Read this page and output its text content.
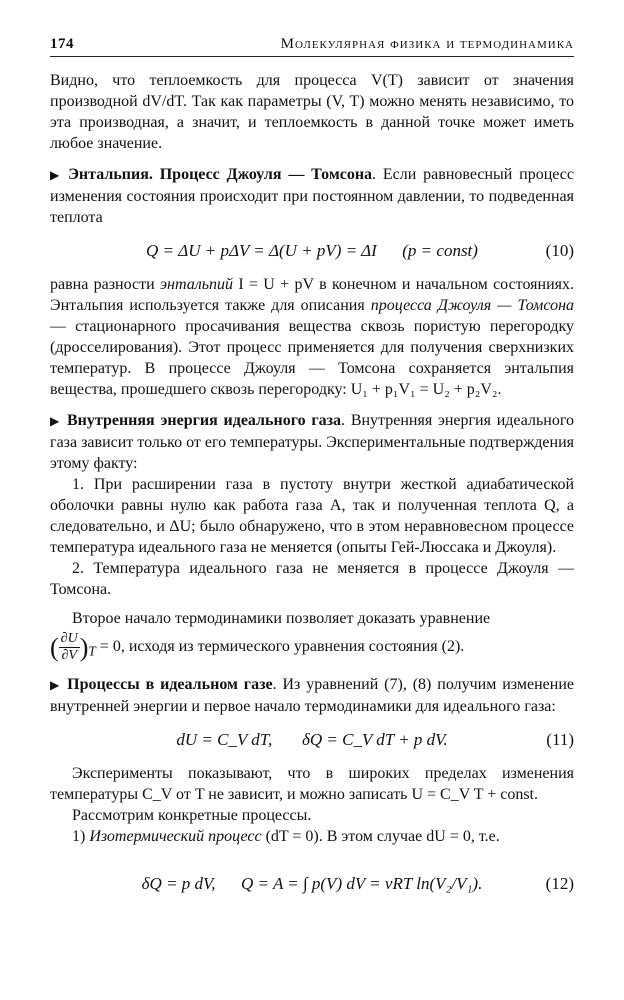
174	Молекулярная физика и термодинамика

Видно, что теплоемкость для процесса V(T) зависит от значения производной dV/dT. Так как параметры (V, T) можно менять независимо, то эта производная, а значит, и теплоемкость в данной точке может иметь любое значение.

▶ Энтальпия. Процесс Джоуля — Томсона. Если равновесный процесс изменения состояния происходит при постоянном давлении, то подведенная теплота

Q = ΔU + pΔV = Δ(U + pV) = ΔI      (p = const)	(10)

равна разности энтальпий I = U + pV в конечном и начальном состояниях. Энтальпия используется также для описания процесса Джоуля — Томсона — стационарного просачивания вещества сквозь пористую перегородку (дросселирования). Этот процесс применяется для получения сверхнизких температур. В процессе Джоуля — Томсона сохраняется энтальпия вещества, прошедшего сквозь перегородку: U₁ + p₁V₁ = U₂ + p₂V₂.

▶ Внутренняя энергия идеального газа. Внутренняя энергия идеального газа зависит только от его температуры. Экспериментальные подтверждения этому факту:

1. При расширении газа в пустоту внутри жесткой адиабатической оболочки равны нулю как работа газа A, так и полученная теплота Q, а следовательно, и ΔU; было обнаружено, что в этом неравновесном процессе температура идеального газа не меняется (опыты Гей-Люссака и Джоуля).

2. Температура идеального газа не меняется в процессе Джоуля — Томсона.

Второе начало термодинамики позволяет доказать уравнение

( $\frac{\partial U}{\partial V} )_T = 0$, исходя из термического уравнения состояния (2).

▶ Процессы в идеальном газе. Из уравнений (7), (8) получим изменение внутренней энергии и первое начало термодинамики для идеального газа:

dU = C_V dT,       δQ = C_V dT + p dV.	(11)

Эксперименты показывают, что в широких пределах изменения температуры C_V от T не зависит, и можно записать U = C_V T + const.

Рассмотрим конкретные процессы.

1) Изотермический процесс (dT = 0). В этом случае dU = 0, т.е.

δQ = p dV,      Q = A = ∫ p(V) dV = νRT ln(V₂/V₁).	(12)
